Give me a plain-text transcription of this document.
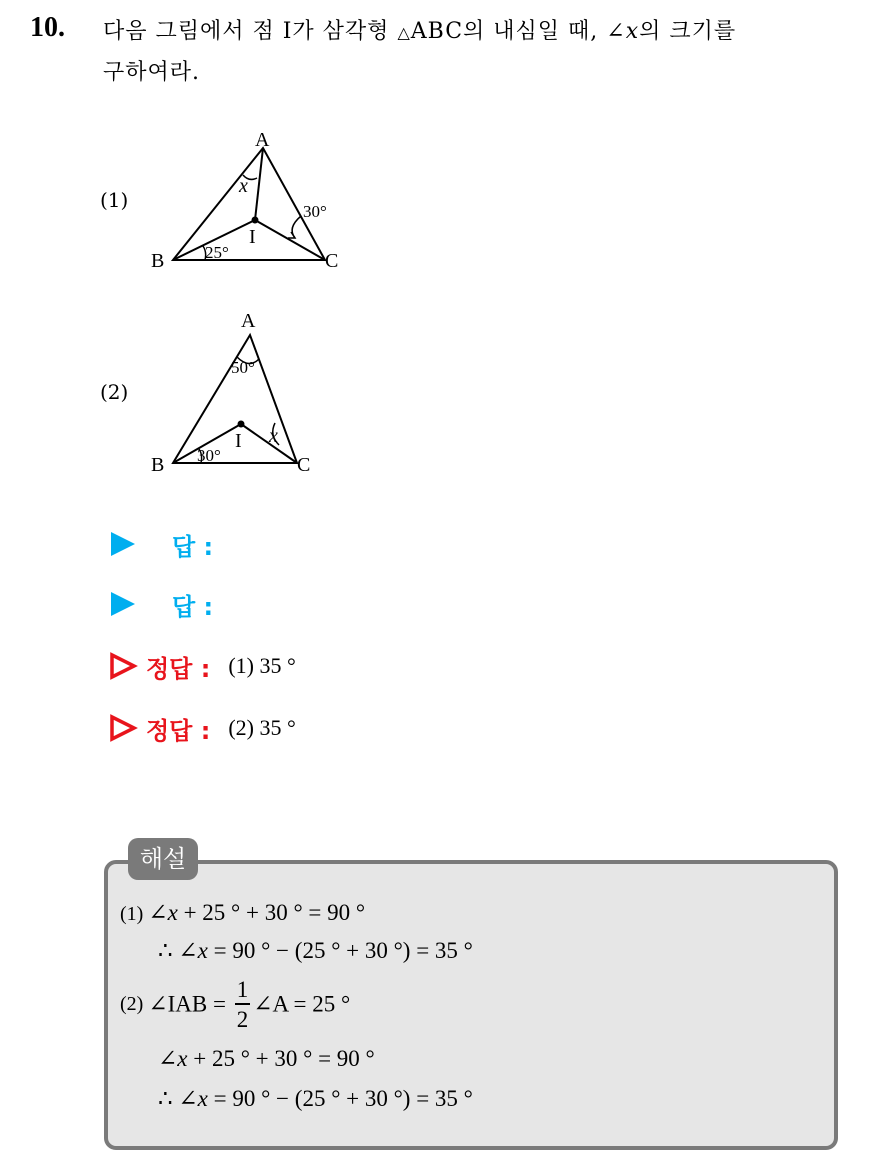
10. 다음 그림에서 점 I가 삼각형 △ABC의 내심일 때, ∠x의 크기를
구하여라.
(1)
A
B	C
I
x
25°
30°
(2)
A
B	C
I x
50°
30°
답 :
답 :
정답 : (1) 35 °
정답 : (2) 35 °
해설
(1) ∠x + 25 ° + 30 ° = 90 °
∴ ∠x = 90 ° − (25 ° + 30 °) = 35 °
(2) ∠IAB = $\frac{1}{2}$ ∠A = 25 °
∠x + 25 ° + 30 ° = 90 °
∴ ∠x = 90 ° − (25 ° + 30 °) = 35 °
